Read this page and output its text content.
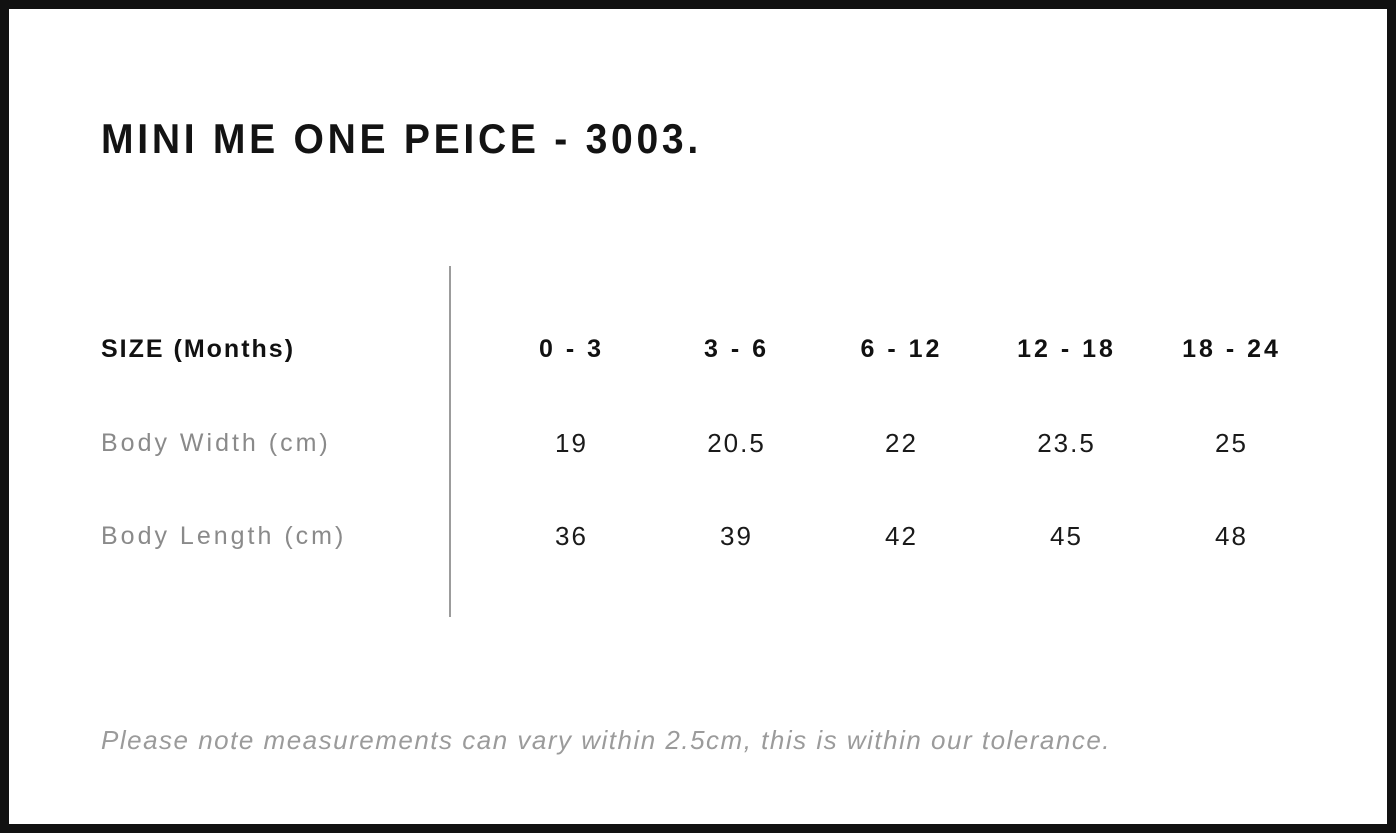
MINI ME ONE PEICE - 3003.
SIZE (Months)	0 - 3	3 - 6	6 - 12	12 - 18	18 - 24
Body Width (cm)	19	20.5	22	23.5	25
Body Length (cm)	36	39	42	45	48

Please note measurements can vary within 2.5cm, this is within our tolerance.
